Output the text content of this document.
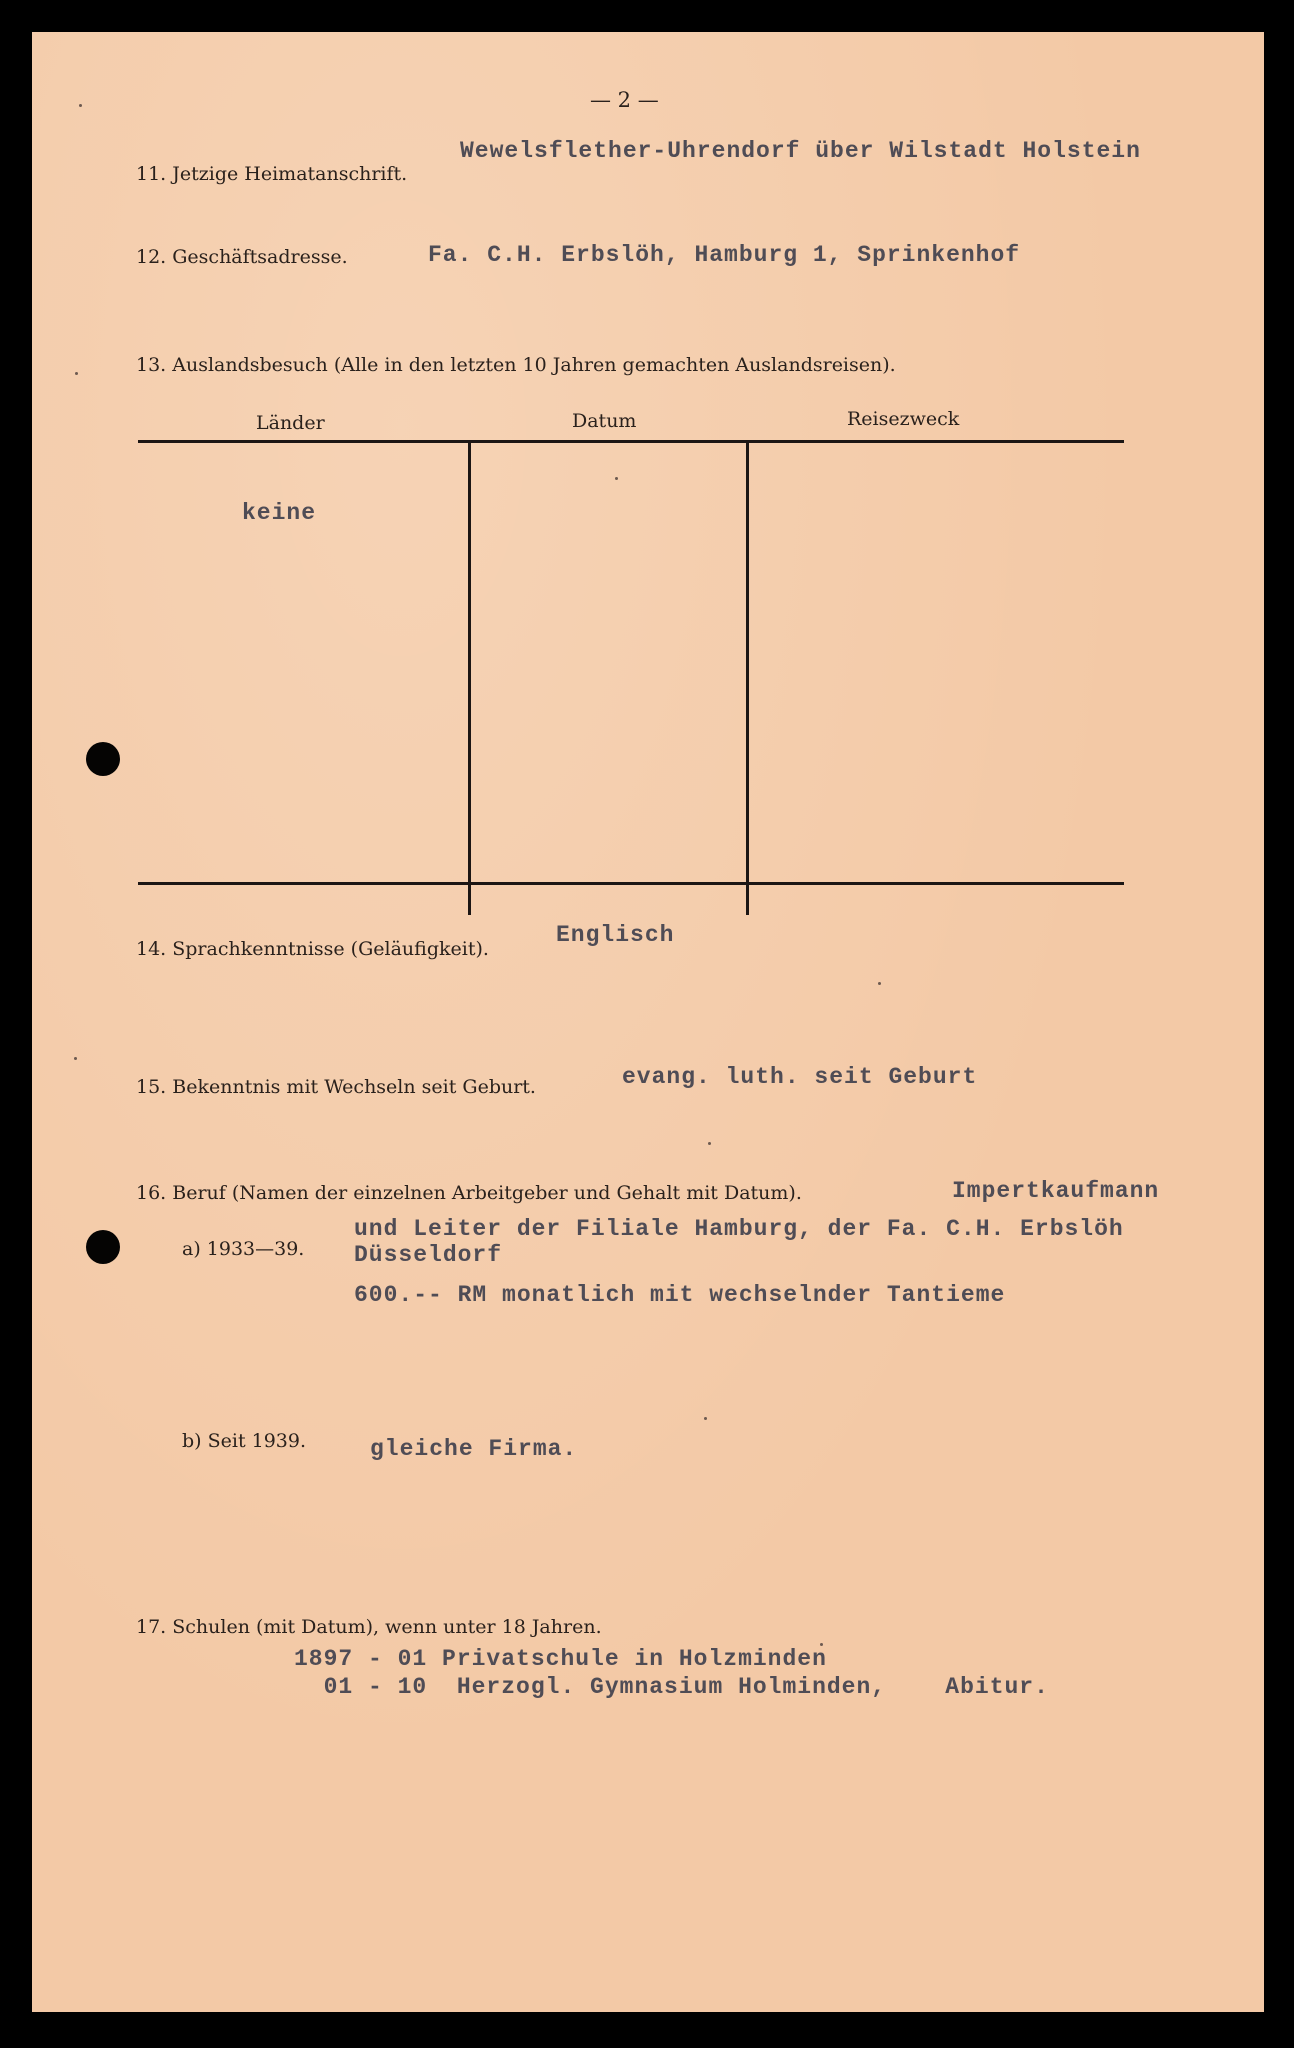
— 2 —
11. Jetzige Heimatanschrift.
Wewelsflether-Uhrendorf über Wilstadt Holstein
12. Geschäftsadresse.	Fa. C.H. Erbslöh, Hamburg 1, Sprinkenhof
13. Auslandsbesuch (Alle in den letzten 10 Jahren gemachten Auslandsreisen).
Länder	Datum	Reisezweck
keine
14. Sprachkenntnisse (Geläufigkeit).
Englisch
15. Bekenntnis mit Wechseln seit Geburt.	evang. luth. seit Geburt
16. Beruf (Namen der einzelnen Arbeitgeber und Gehalt mit Datum).	Impertkaufmann
a) 1933—39.
und Leiter der Filiale Hamburg, der Fa. C.H. Erbslöh
Düsseldorf
600.-- RM monatlich mit wechselnder Tantieme
b) Seit 1939.	gleiche Firma.
17. Schulen (mit Datum), wenn unter 18 Jahren.
1897 - 01 Privatschule in Holzminden
01 - 10  Herzogl. Gymnasium Holminden,    Abitur.
